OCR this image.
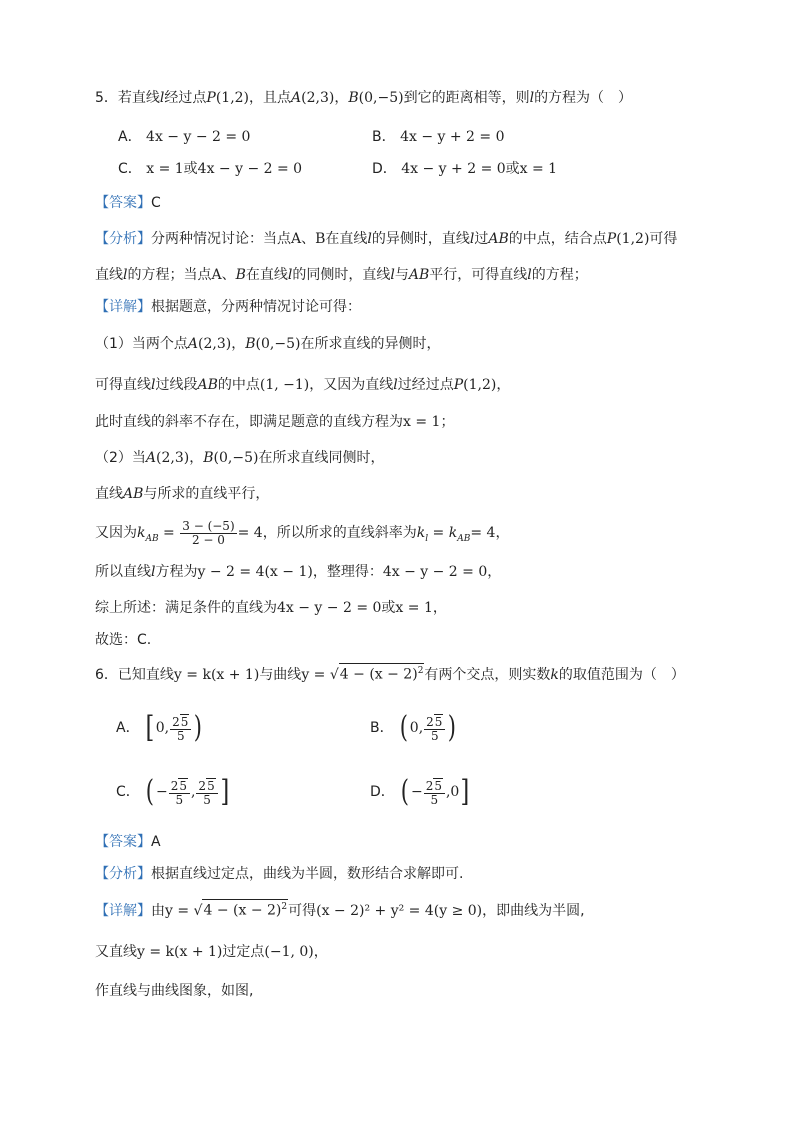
5．若直线l经过点P(1,2)，且点A(2,3)，B(0,−5)到它的距离相等，则l的方程为（　）
A． 4x − y − 2 = 0	B． 4x − y + 2 = 0
C． x = 1或4x − y − 2 = 0	D． 4x − y + 2 = 0或x = 1
【答案】C
【分析】分两种情况讨论：当点A、B在直线l的异侧时，直线l过AB的中点，结合点P(1,2)可得
直线l的方程；当点A、B在直线l的同侧时，直线l与AB平行，可得直线l的方程；
【详解】根据题意，分两种情况讨论可得：
（1）当两个点A(2,3)，B(0,−5)在所求直线的异侧时，
可得直线l过线段AB的中点(1, −1)，又因为直线l过经过点P(1,2)，
此时直线的斜率不存在，即满足题意的直线方程为x = 1；
（2）当A(2,3)，B(0,−5)在所求直线同侧时，
直线AB与所求的直线平行，
又因为$k_{AB} = \frac{3 - (-5)}{2 - 0} = 4$，所以所求的直线斜率为$k_l = k_{AB}= 4$，
所以直线l方程为y − 2 = 4(x − 1)，整理得：4x − y − 2 = 0，
综上所述：满足条件的直线为4x − y − 2 = 0或x = 1，
故选：C.
6．已知直线y = k(x + 1)与曲线$y = √4 - (x - 2)^2$有两个交点，则实数k的取值范围为（　）
A． [0, $\frac{25}{5}$ )	B． ( 0, $\frac{25}{5}$ )
C． ( − $\frac{25}{5}$ , $\frac{25}{5}$ ]	D． ( − $\frac{25}{5} ,0$]
【答案】A
【分析】根据直线过定点，曲线为半圆，数形结合求解即可.
【详解】由$y = √4 - (x - 2)^2$可得(x − 2)² + y² = 4(y ≥ 0)，即曲线为半圆,
又直线y = k(x + 1)过定点(−1, 0)，
作直线与曲线图象，如图,
